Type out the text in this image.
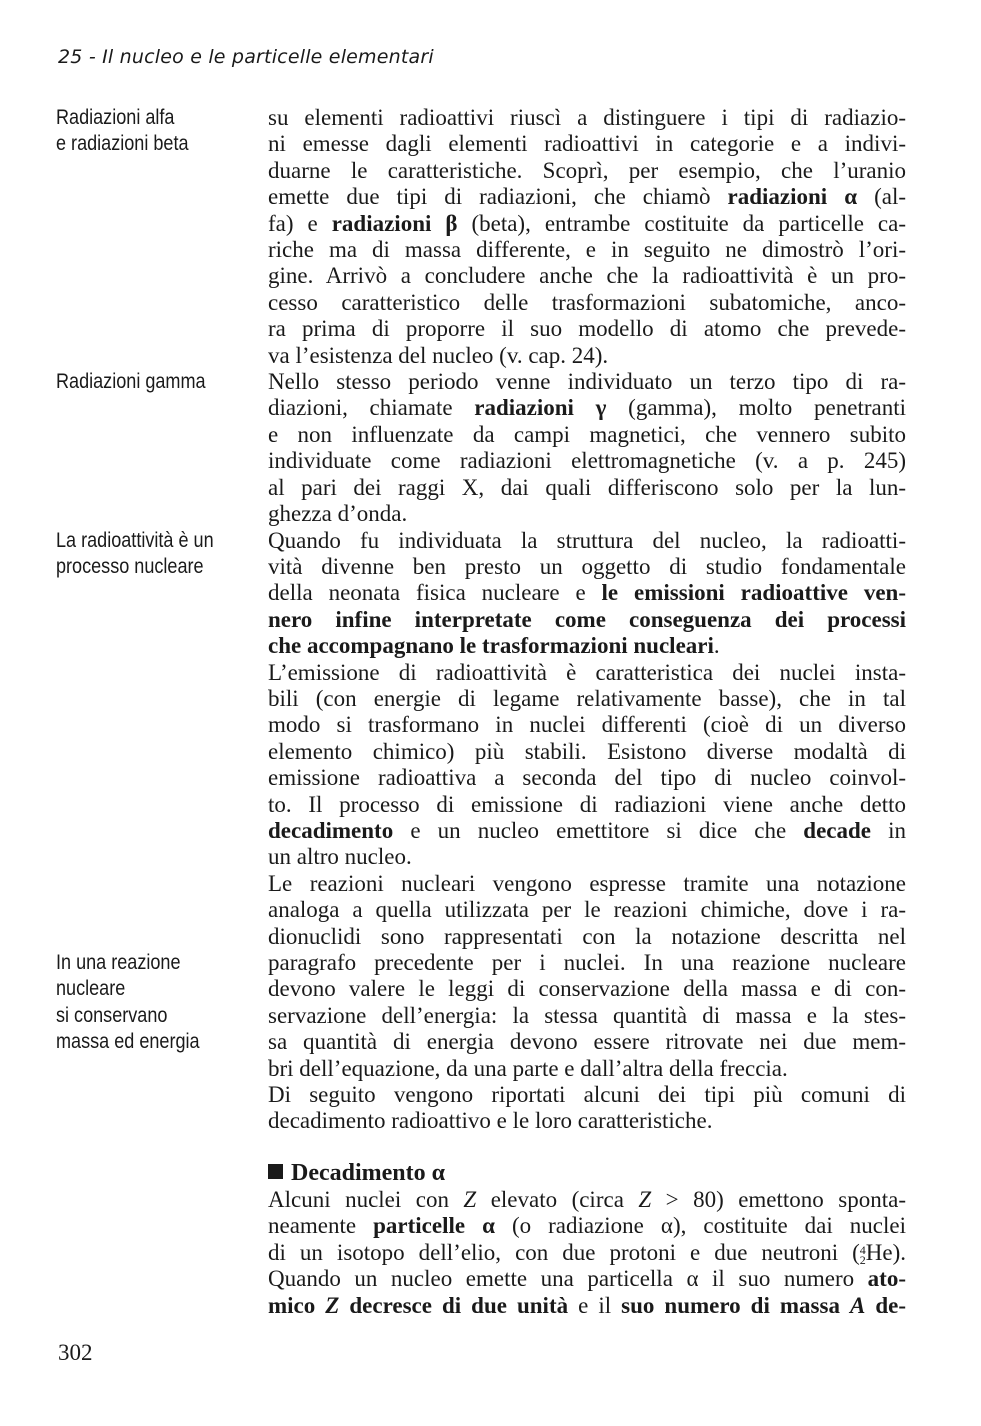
25 - Il nucleo e le particelle elementari
Radiazioni alfa
e radiazioni beta
Radiazioni gamma
La radioattività è un
processo nucleare
In una reazione
nucleare
si conservano
massa ed energia
su elementi radioattivi riuscì a distinguere i tipi di radiazio-
ni emesse dagli elementi radioattivi in categorie e a indivi-
duarne le caratteristiche. Scoprì, per esempio, che l’uranio
emette due tipi di radiazioni, che chiamò radiazioni α (al-
fa) e radiazioni β (beta), entrambe costituite da particelle ca-
riche ma di massa differente, e in seguito ne dimostrò l’ori-
gine. Arrivò a concludere anche che la radioattività è un pro-
cesso caratteristico delle trasformazioni subatomiche, anco-
ra prima di proporre il suo modello di atomo che prevede-
va l’esistenza del nucleo (v. cap. 24).
Nello stesso periodo venne individuato un terzo tipo di ra-
diazioni, chiamate radiazioni γ (gamma), molto penetranti
e non influenzate da campi magnetici, che vennero subito
individuate come radiazioni elettromagnetiche (v. a p. 245)
al pari dei raggi X, dai quali differiscono solo per la lun-
ghezza d’onda.
Quando fu individuata la struttura del nucleo, la radioatti-
vità divenne ben presto un oggetto di studio fondamentale
della neonata fisica nucleare e le emissioni radioattive ven-
nero infine interpretate come conseguenza dei processi
che accompagnano le trasformazioni nucleari.
L’emissione di radioattività è caratteristica dei nuclei insta-
bili (con energie di legame relativamente basse), che in tal
modo si trasformano in nuclei differenti (cioè di un diverso
elemento chimico) più stabili. Esistono diverse modaltà di
emissione radioattiva a seconda del tipo di nucleo coinvol-
to. Il processo di emissione di radiazioni viene anche detto
decadimento e un nucleo emettitore si dice che decade in
un altro nucleo.
Le reazioni nucleari vengono espresse tramite una notazione
analoga a quella utilizzata per le reazioni chimiche, dove i ra-
dionuclidi sono rappresentati con la notazione descritta nel
paragrafo precedente per i nuclei. In una reazione nucleare
devono valere le leggi di conservazione della massa e di con-
servazione dell’energia: la stessa quantità di massa e la stes-
sa quantità di energia devono essere ritrovate nei due mem-
bri dell’equazione, da una parte e dall’altra della freccia.
Di seguito vengono riportati alcuni dei tipi più comuni di
decadimento radioattivo e le loro caratteristiche.
Decadimento α
Alcuni nuclei con Z elevato (circa Z > 80) emettono sponta-
neamente particelle α (o radiazione α), costituite dai nuclei
di un isotopo dell’elio, con due protoni e due neutroni ( 4
2 He).
Quando un nucleo emette una particella α il suo numero ato-
mico Z decresce di due unità e il suo numero di massa A de-
302
